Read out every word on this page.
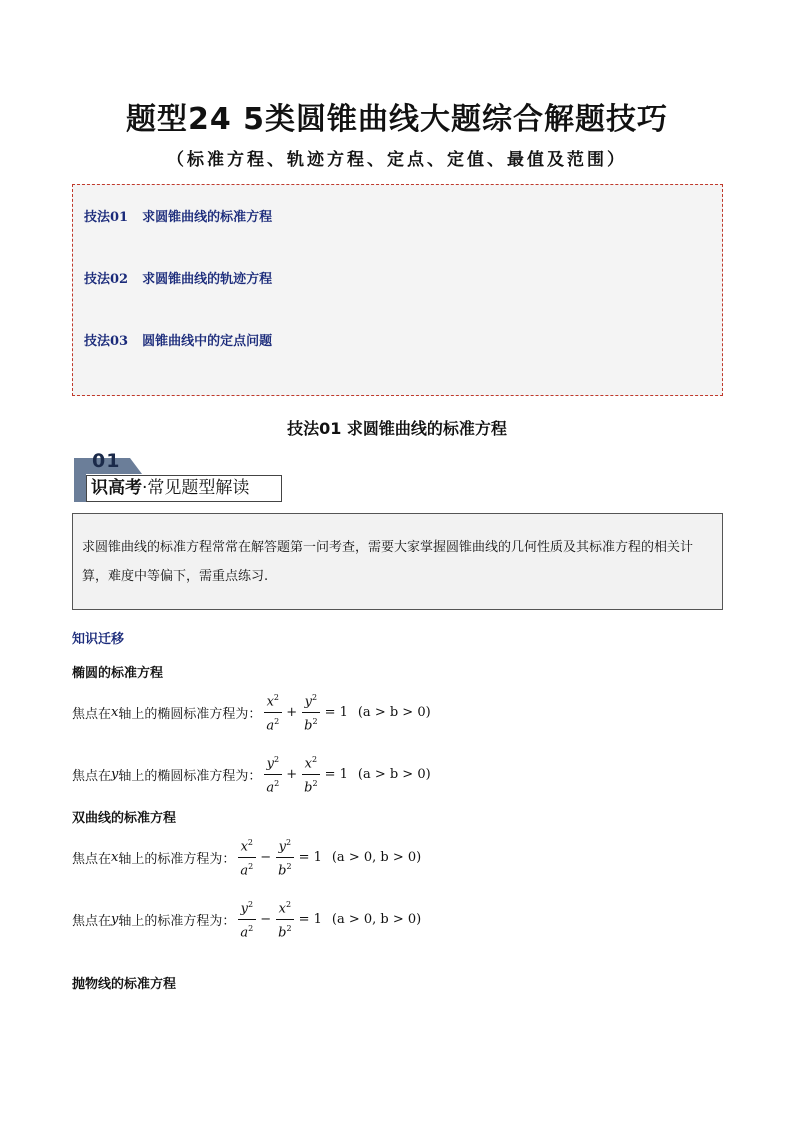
题型24 5类圆锥曲线大题综合解题技巧
（标准方程、轨迹方程、定点、定值、最值及范围）
技法01 求圆锥曲线的标准方程
技法02 求圆锥曲线的轨迹方程
技法03 圆锥曲线中的定点问题
技法01 求圆锥曲线的标准方程
01
识高考·常见题型解读
求圆锥曲线的标准方程常常在解答题第一问考查，需要大家掌握圆锥曲线的几何性质及其标准方程的相关计算，难度中等偏下，需重点练习.
知识迁移
椭圆的标准方程
焦点在 x 轴上的椭圆标准方程为： $\frac{x^2}{a^2} + \frac{y^2}{b^2} = 1$ (a > b > 0)
焦点在 y 轴上的椭圆标准方程为： $\frac{y^2}{a^2} + \frac{x^2}{b^2} = 1$ (a > b > 0)
双曲线的标准方程
焦点在 x 轴上的标准方程为： $\frac{x^2}{a^2} - \frac{y^2}{b^2} = 1$ (a > 0, b > 0)
焦点在 y 轴上的标准方程为： $\frac{y^2}{a^2} - \frac{x^2}{b^2} = 1$ (a > 0, b > 0)
抛物线的标准方程
